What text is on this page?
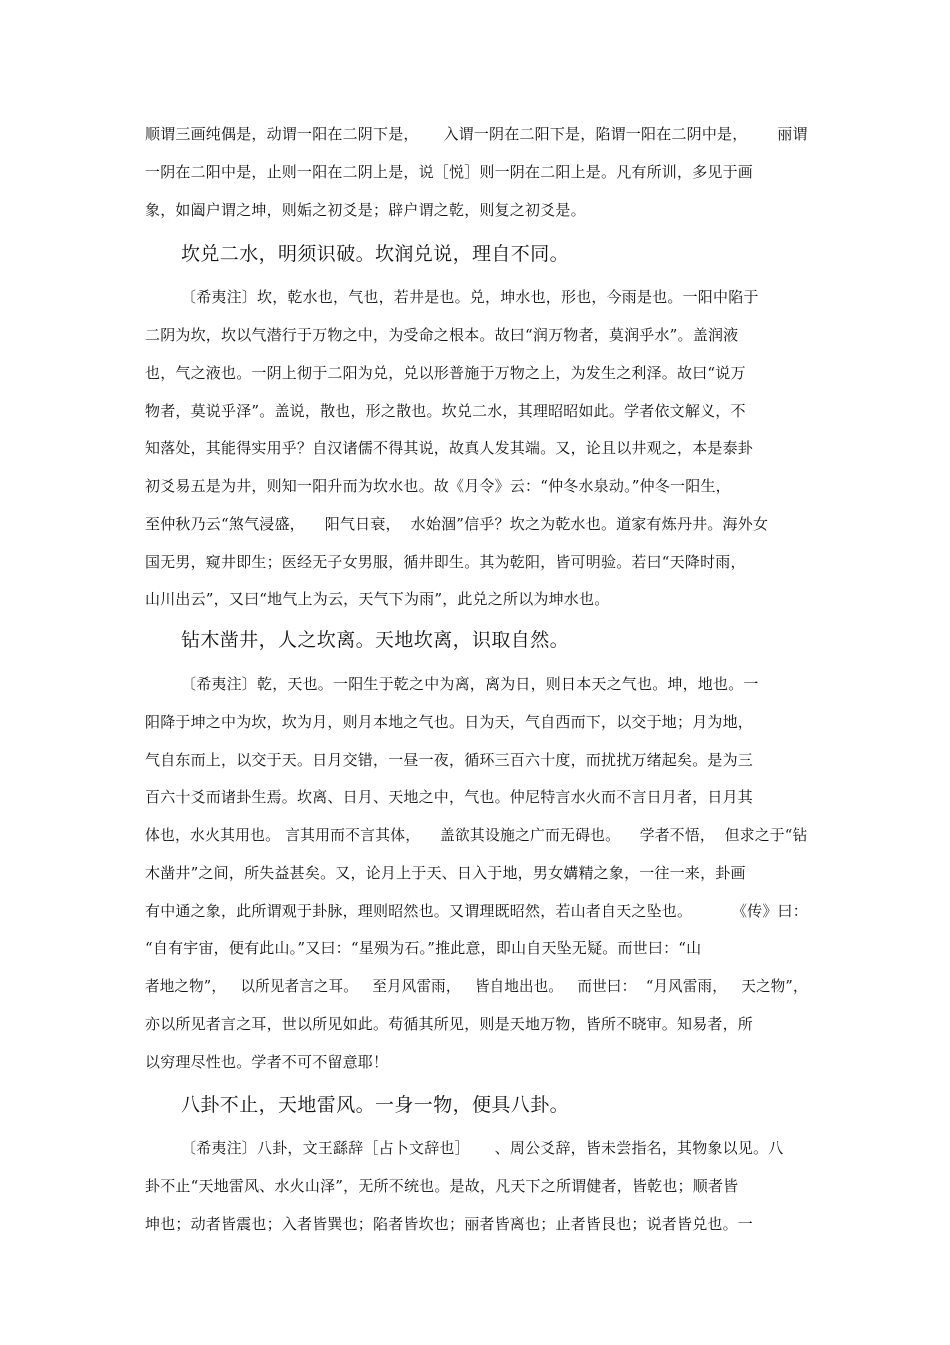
顺谓三画纯偶是，动谓一阳在二阴下是，     入谓一阴在二阳下是，陷谓一阳在二阴中是，      丽谓
一阴在二阳中是，止则一阳在二阴上是，说［悦］则一阴在二阳上是。凡有所训，多见于画
象，如阖户谓之坤，则姤之初爻是；辟户谓之乾，则复之初爻是。
坎兑二水，明须识破。坎润兑说，理自不同。
〔希夷注〕坎，乾水也，气也，若井是也。兑，坤水也，形也，今雨是也。一阳中陷于
二阴为坎，坎以气潜行于万物之中，为受命之根本。故曰“润万物者，莫润乎水”。盖润液
也，气之液也。一阴上彻于二阳为兑，兑以形普施于万物之上，为发生之利泽。故曰“说万
物者，莫说乎泽”。盖说，散也，形之散也。坎兑二水，其理昭昭如此。学者依文解义，不
知落处，其能得实用乎？自汉诸儒不得其说，故真人发其端。又，论且以井观之，本是泰卦
初爻易五是为井，则知一阳升而为坎水也。故《月令》云：“仲冬水泉动。”仲冬一阳生，
至仲秋乃云“煞气浸盛，    阳气日衰，  水始涸”信乎？坎之为乾水也。道家有炼丹井。海外女
国无男，窥井即生；医经无子女男服，循井即生。其为乾阳，皆可明验。若曰“天降时雨，
山川出云”，又曰“地气上为云，天气下为雨”，此兑之所以为坤水也。
钻木凿井，人之坎离。天地坎离，识取自然。
〔希夷注〕乾，天也。一阳生于乾之中为离，离为日，则日本天之气也。坤，地也。一
阳降于坤之中为坎，坎为月，则月本地之气也。日为天，气自西而下，以交于地；月为地，
气自东而上，以交于天。日月交错，一昼一夜，循环三百六十度，而扰扰万绪起矣。是为三
百六十爻而诸卦生焉。坎离、日月、天地之中，气也。仲尼特言水火而不言日月者，日月其
体也，水火其用也。 言其用而不言其体，    盖欲其设施之广而无碍也。    学者不悟，  但求之于“钻
木凿井”之间，所失益甚矣。又，论月上于天、日入于地，男女媾精之象，一往一来，卦画
有中通之象，此所谓观于卦脉，理则昭然也。又谓理既昭然，若山者自天之坠也。        《传》曰：
“自有宇宙，便有此山。”又曰：“星殒为石。”推此意，即山自天坠无疑。而世曰：“山
者地之物”，   以所见者言之耳。   至月风雷雨，   皆自地出也。   而世曰：  “月风雷雨，   天之物”，
亦以所见者言之耳，世以所见如此。苟循其所见，则是天地万物，皆所不晓审。知易者，所
以穷理尽性也。学者不可不留意耶！
八卦不止，天地雷风。一身一物，便具八卦。
〔希夷注〕八卦，文王繇辞［占卜文辞也］     、周公爻辞，皆未尝指名，其物象以见。八
卦不止“天地雷风、水火山泽”，无所不统也。是故，凡天下之所谓健者，皆乾也；顺者皆
坤也；动者皆震也；入者皆巽也；陷者皆坎也；丽者皆离也；止者皆艮也；说者皆兑也。一
